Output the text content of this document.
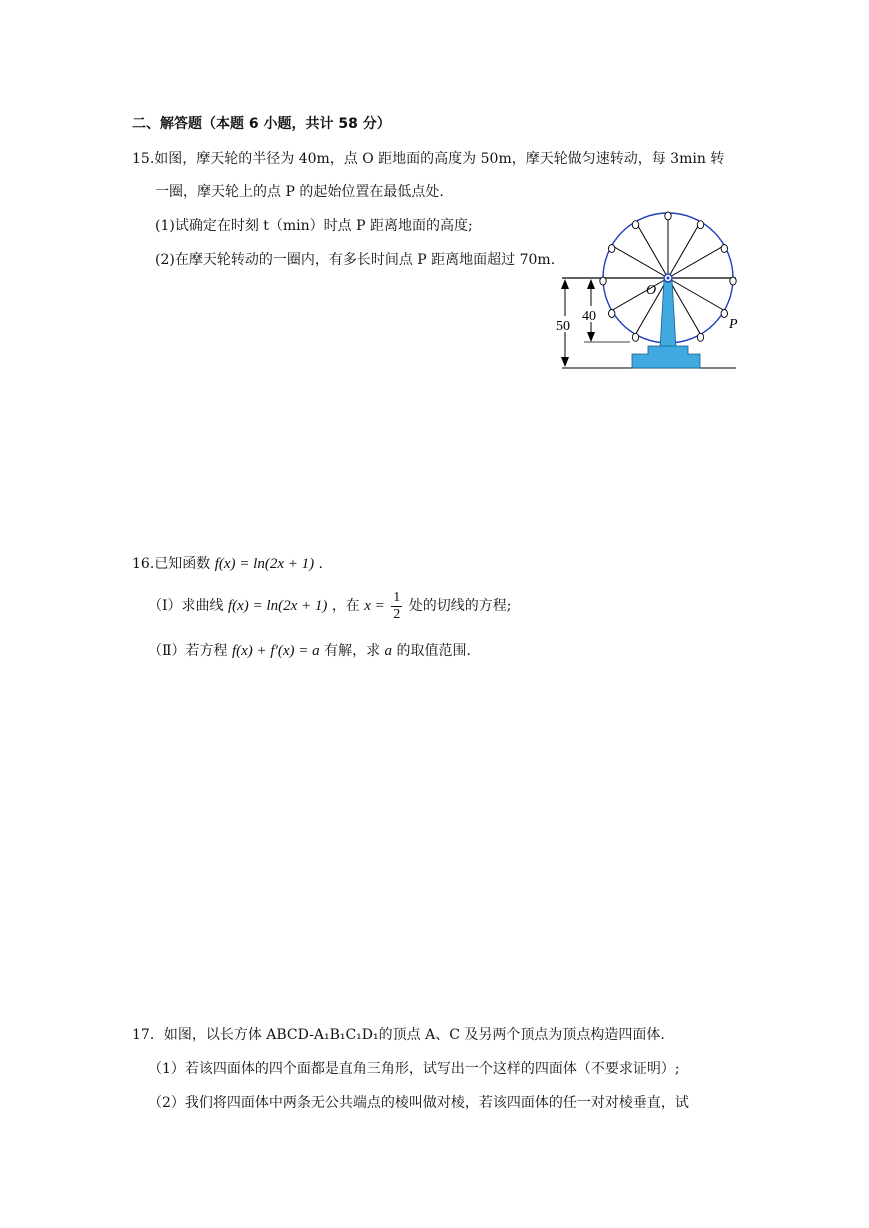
二、解答题（本题 6 小题，共计 58 分）
15.如图，摩天轮的半径为 40m，点 O 距地面的高度为 50m，摩天轮做匀速转动，每 3min 转
一圈，摩天轮上的点 P 的起始位置在最低点处.
(1)试确定在时刻 t（min）时点 P 距离地面的高度;
(2)在摩天轮转动的一圈内，有多长时间点 P 距离地面超过 70m.
50
40
O
P
16.已知函数 f(x) = ln(2x + 1) .
（Ⅰ）求曲线 f(x) = ln(2x + 1) ，在 $x = \frac{1}{2}$ 处的切线的方程;
（Ⅱ）若方程 f(x) + f′(x) = a 有解，求 a 的取值范围.
17．如图，以长方体 ABCD-A₁B₁C₁D₁的顶点 A、C 及另两个顶点为顶点构造四面体.
（1）若该四面体的四个面都是直角三角形，试写出一个这样的四面体（不要求证明）;
（2）我们将四面体中两条无公共端点的棱叫做对棱，若该四面体的任一对对棱垂直，试
